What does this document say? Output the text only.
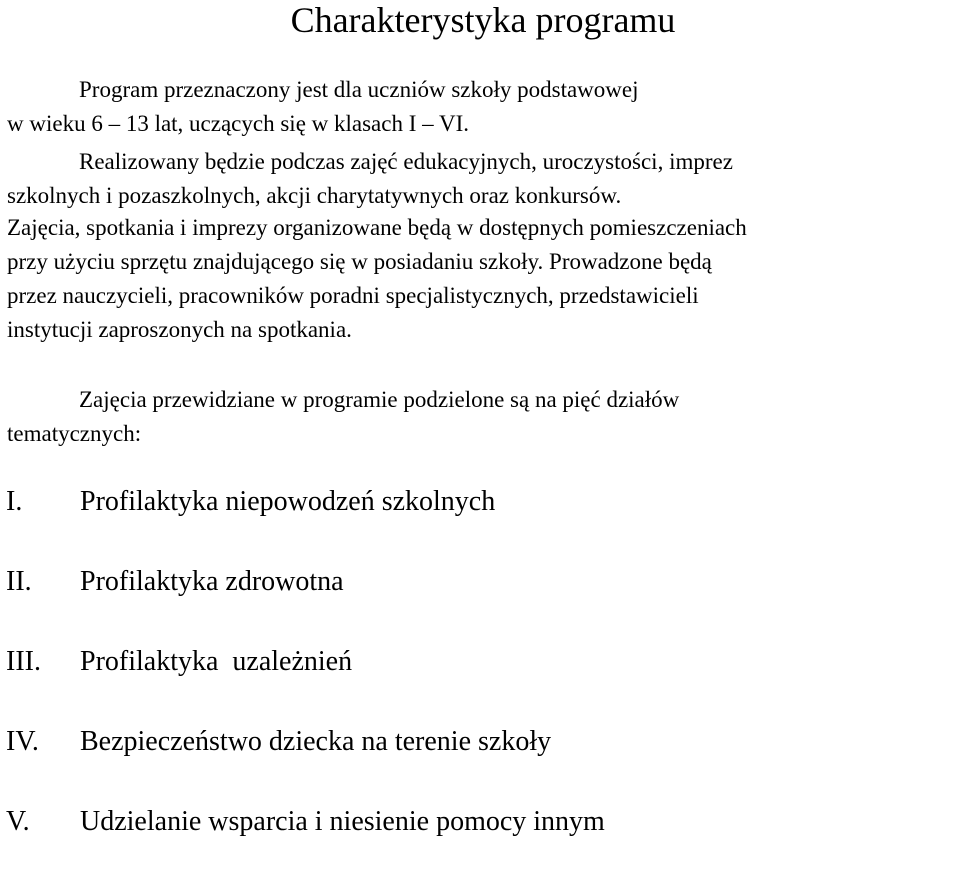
Charakterystyka programu
Program przeznaczony jest dla uczniów szkoły podstawowej
w wieku 6 – 13 lat, uczących się w klasach I – VI.
Realizowany będzie podczas zajęć edukacyjnych, uroczystości, imprez
szkolnych i pozaszkolnych, akcji charytatywnych oraz konkursów.
Zajęcia, spotkania i imprezy organizowane będą w dostępnych pomieszczeniach
przy użyciu sprzętu znajdującego się w posiadaniu szkoły. Prowadzone będą
przez nauczycieli, pracowników poradni specjalistycznych, przedstawicieli
instytucji zaproszonych na spotkania.
Zajęcia przewidziane w programie podzielone są na pięć działów
tematycznych:
I. Profilaktyka niepowodzeń szkolnych
II. Profilaktyka zdrowotna
III. Profilaktyka  uzależnień
IV. Bezpieczeństwo dziecka na terenie szkoły
V. Udzielanie wsparcia i niesienie pomocy innym
